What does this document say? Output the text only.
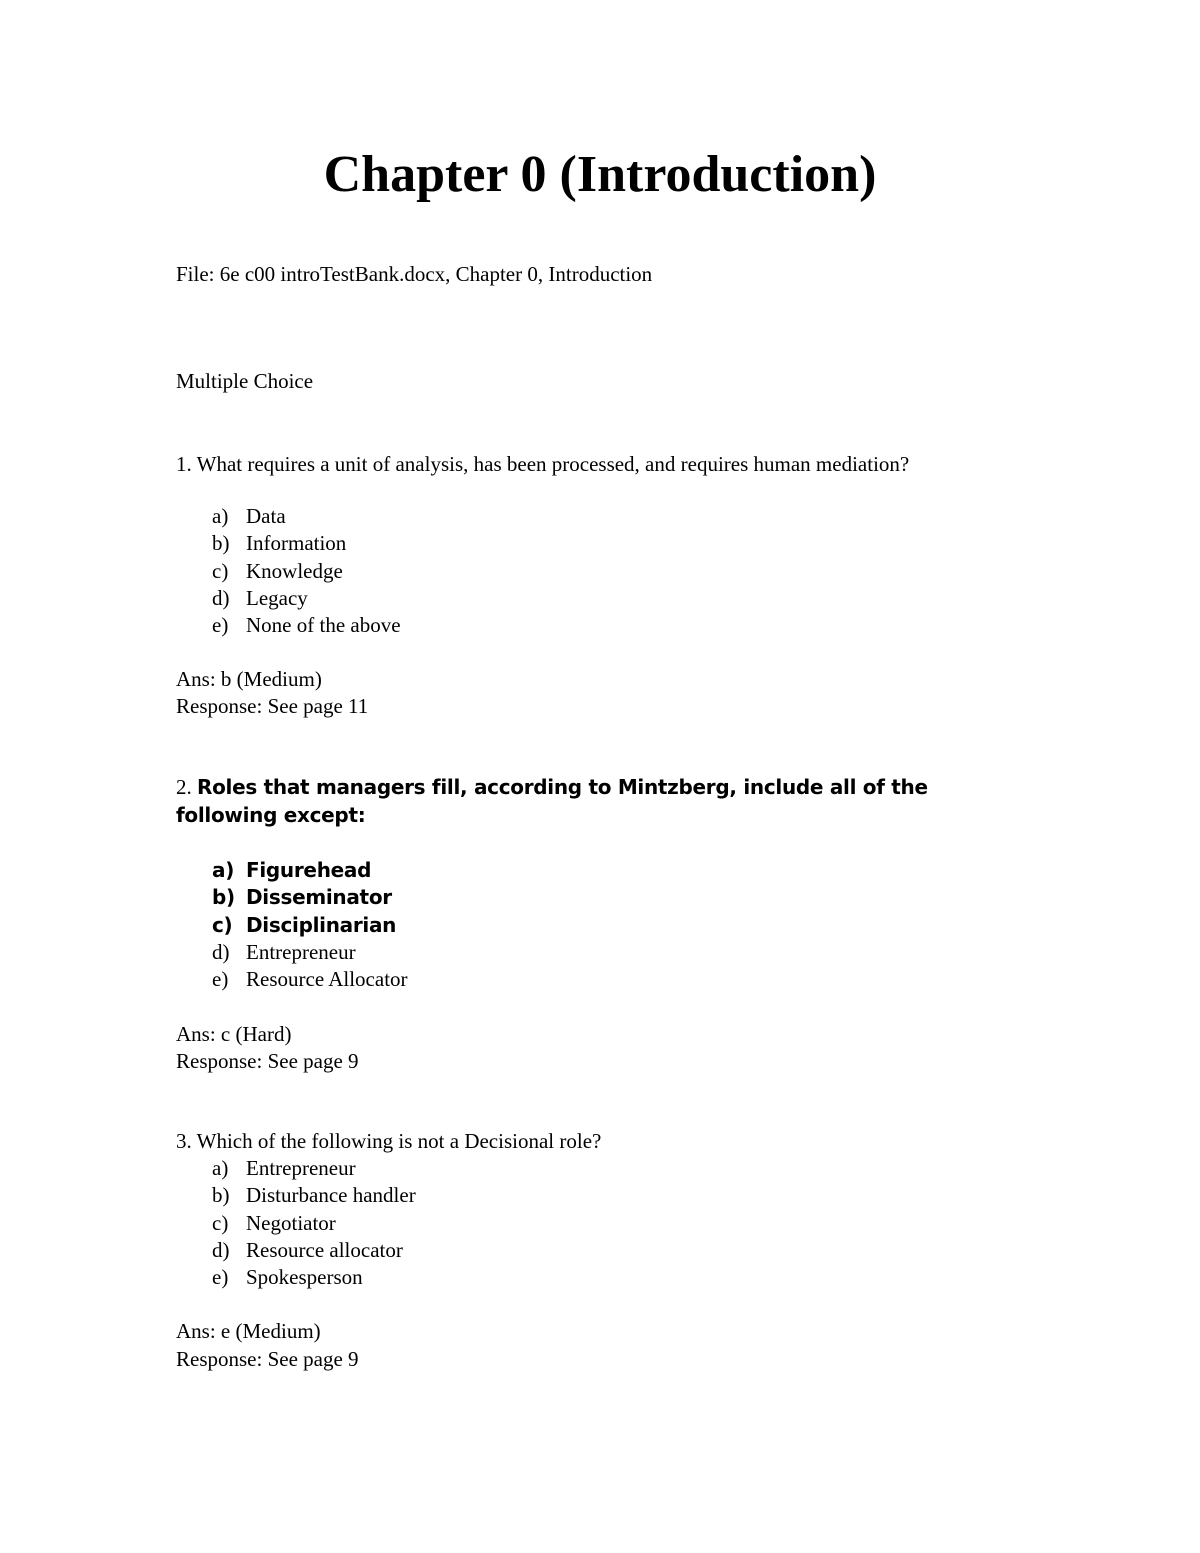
Chapter 0 (Introduction)
File: 6e c00 introTestBank.docx, Chapter 0, Introduction
Multiple Choice
1. What requires a unit of analysis, has been processed, and requires human mediation?
a) Data
b) Information
c) Knowledge
d) Legacy
e) None of the above
Ans: b (Medium)
Response: See page 11
2. Roles that managers fill, according to Mintzberg, include all of the following except:
a) Figurehead
b) Disseminator
c) Disciplinarian
d) Entrepreneur
e) Resource Allocator
Ans: c (Hard)
Response: See page 9
3. Which of the following is not a Decisional role?
a) Entrepreneur
b) Disturbance handler
c) Negotiator
d) Resource allocator
e) Spokesperson
Ans: e (Medium)
Response: See page 9
